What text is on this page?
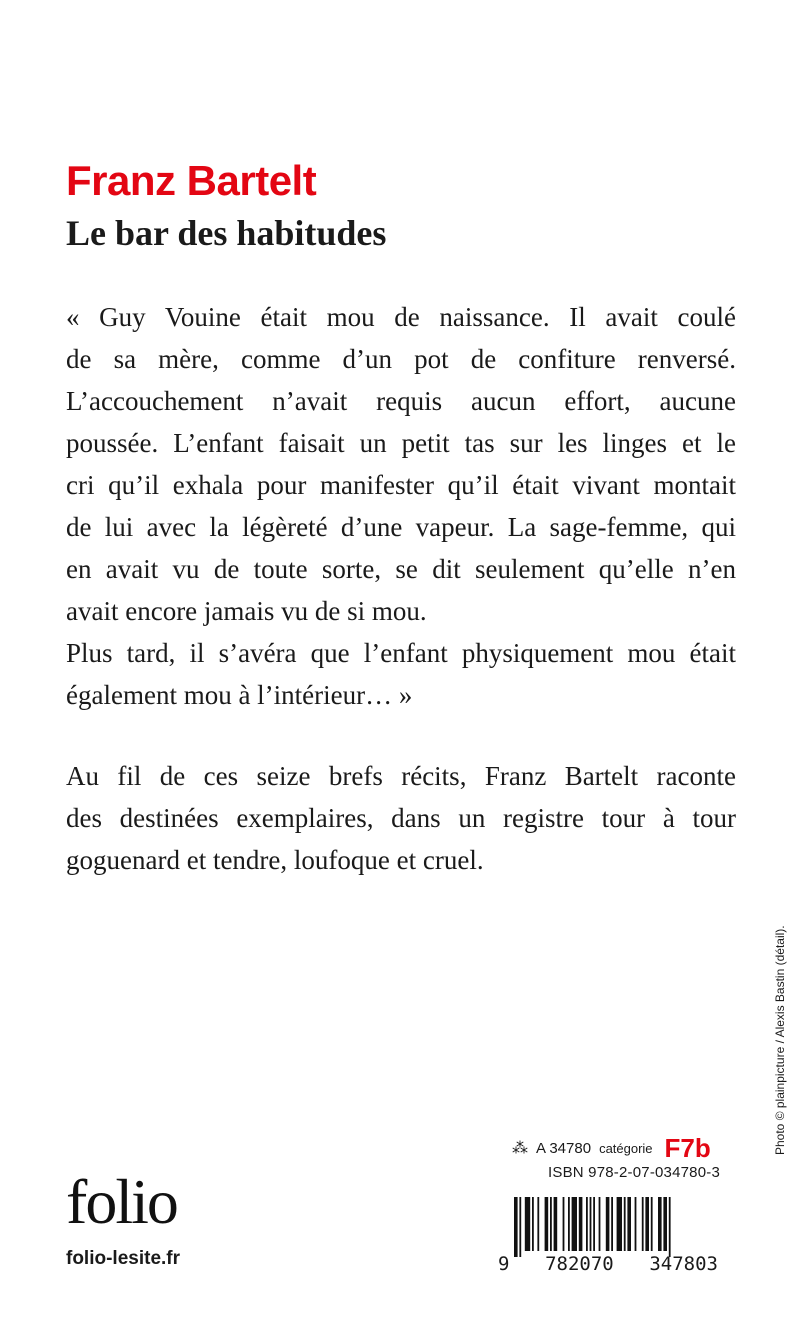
Franz Bartelt
Le bar des habitudes
« Guy Vouine était mou de naissance. Il avait coulé
de sa mère, comme d’un pot de confiture renversé.
L’accouchement n’avait requis aucun effort, aucune
poussée. L’enfant faisait un petit tas sur les linges et le
cri qu’il exhala pour manifester qu’il était vivant montait
de lui avec la légèreté d’une vapeur. La sage-femme, qui
en avait vu de toute sorte, se dit seulement qu’elle n’en
avait encore jamais vu de si mou.
Plus tard, il s’avéra que l’enfant physiquement mou était
également mou à l’intérieur… »
Au fil de ces seize brefs récits, Franz Bartelt raconte
des destinées exemplaires, dans un registre tour à tour
goguenard et tendre, loufoque et cruel.
Photo © plainpicture / Alexis Bastin (détail).
⁂ A 34780 catégorie F7b
ISBN 978-2-07-034780-3
9 782070 347803
folio
folio-lesite.fr
